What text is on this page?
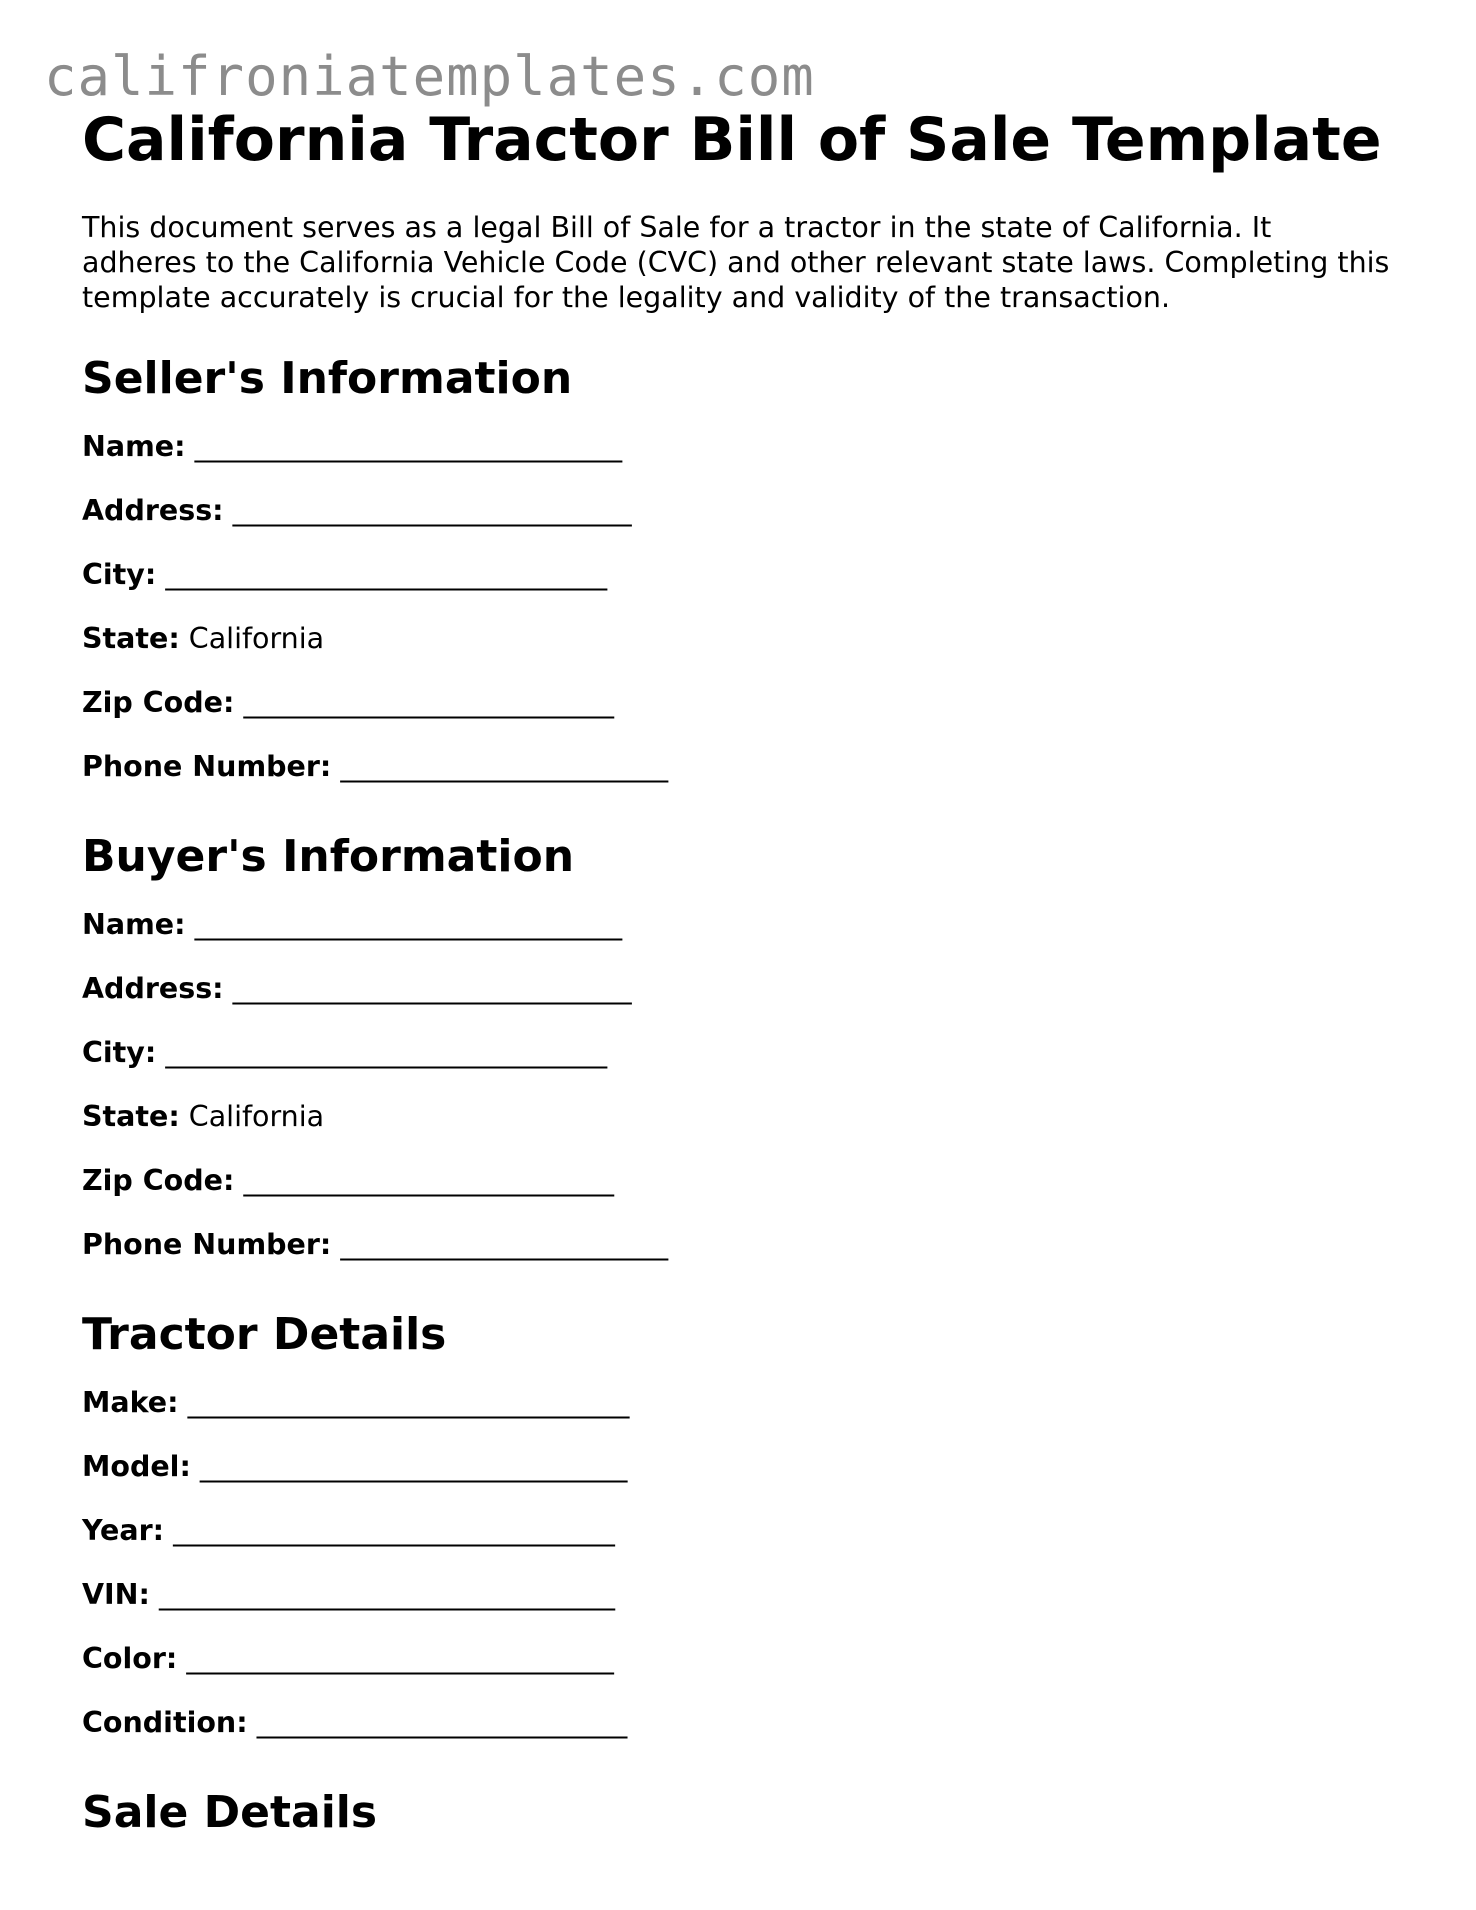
califroniatemplates.com
California Tractor Bill of Sale Template

This document serves as a legal Bill of Sale for a tractor in the state of California. It adheres to the California Vehicle Code (CVC) and other relevant state laws. Completing this template accurately is crucial for the legality and validity of the transaction.

Seller's Information
Name: ______________________________
Address: ____________________________
City: _______________________________
State: California
Zip Code: __________________________
Phone Number: _______________________
Buyer's Information
Name: ______________________________
Address: ____________________________
City: _______________________________
State: California
Zip Code: __________________________
Phone Number: _______________________
Tractor Details
Make: _______________________________
Model: ______________________________
Year: _______________________________
VIN: ________________________________
Color: ______________________________
Condition: __________________________
Sale Details
